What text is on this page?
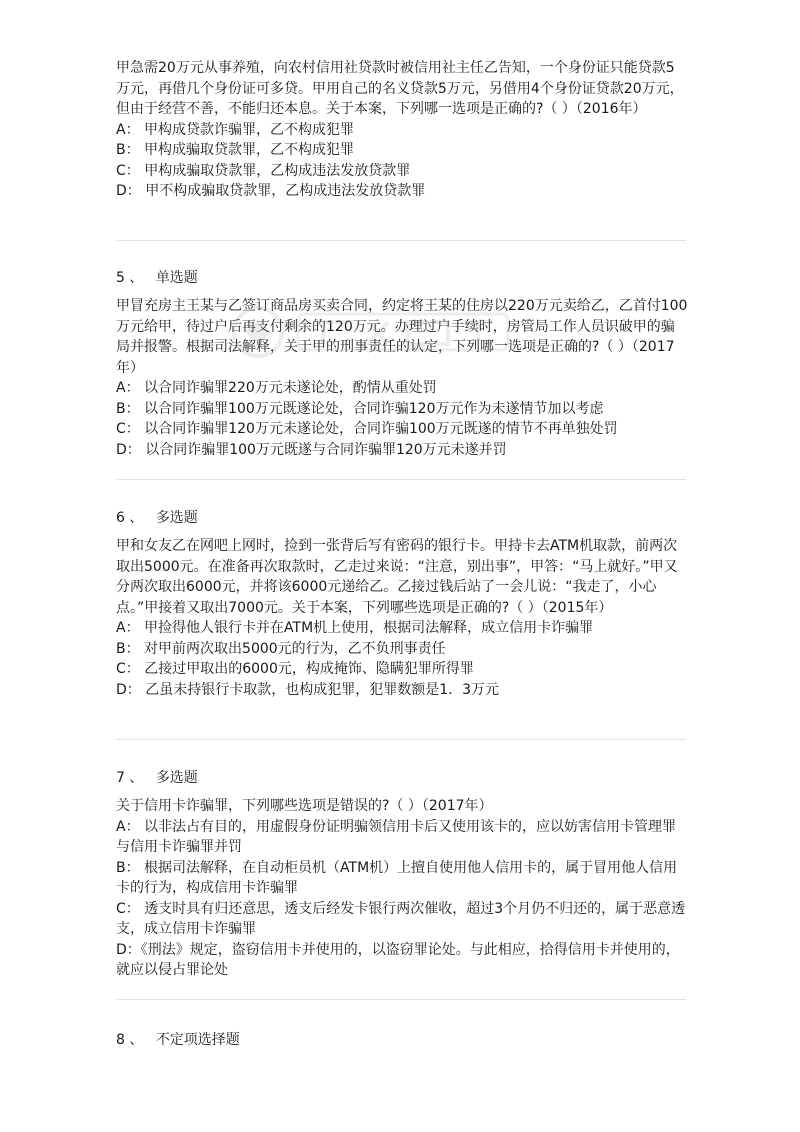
甲急需20万元从事养殖，向农村信用社贷款时被信用社主任乙告知，一个身份证只能贷款5万元，再借几个身份证可多贷。甲用自己的名义贷款5万元，另借用4个身份证贷款20万元，但由于经营不善，不能归还本息。关于本案，下列哪一选项是正确的?（ ）（2016年）

A： 甲构成贷款诈骗罪，乙不构成犯罪

B： 甲构成骗取贷款罪，乙不构成犯罪

C： 甲构成骗取贷款罪，乙构成违法发放贷款罪

D： 甲不构成骗取贷款罪，乙构成违法发放贷款罪

5 、 单选题

甲冒充房主王某与乙签订商品房买卖合同，约定将王某的住房以220万元卖给乙，乙首付100万元给甲，待过户后再支付剩余的120万元。办理过户手续时，房管局工作人员识破甲的骗局并报警。根据司法解释，关于甲的刑事责任的认定，下列哪一选项是正确的?（ ）（2017年）

A： 以合同诈骗罪220万元未遂论处，酌情从重处罚

B： 以合同诈骗罪100万元既遂论处，合同诈骗120万元作为未遂情节加以考虑

C： 以合同诈骗罪120万元未遂论处，合同诈骗100万元既遂的情节不再单独处罚

D： 以合同诈骗罪100万元既遂与合同诈骗罪120万元未遂并罚

6 、 多选题

甲和女友乙在网吧上网时，捡到一张背后写有密码的银行卡。甲持卡去ATM机取款，前两次取出5000元。在准备再次取款时，乙走过来说：“注意，别出事”，甲答：“马上就好。”甲又分两次取出6000元，并将该6000元递给乙。乙接过钱后站了一会儿说：“我走了，小心点。”甲接着又取出7000元。关于本案，下列哪些选项是正确的?（ ）（2015年）

A： 甲捡得他人银行卡并在ATM机上使用，根据司法解释，成立信用卡诈骗罪

B： 对甲前两次取出5000元的行为，乙不负刑事责任

C： 乙接过甲取出的6000元，构成掩饰、隐瞒犯罪所得罪

D： 乙虽未持银行卡取款，也构成犯罪，犯罪数额是1．3万元

7 、 多选题

关于信用卡诈骗罪，下列哪些选项是错误的?（ ）（2017年）

A： 以非法占有目的，用虚假身份证明骗领信用卡后又使用该卡的，应以妨害信用卡管理罪与信用卡诈骗罪并罚

B： 根据司法解释，在自动柜员机（ATM机）上擅自使用他人信用卡的，属于冒用他人信用卡的行为，构成信用卡诈骗罪

C： 透支时具有归还意思，透支后经发卡银行两次催收，超过3个月仍不归还的，属于恶意透支，成立信用卡诈骗罪

D：《刑法》规定，盗窃信用卡并使用的，以盗窃罪论处。与此相应，拾得信用卡并使用的，就应以侵占罪论处

8 、 不定项选择题
